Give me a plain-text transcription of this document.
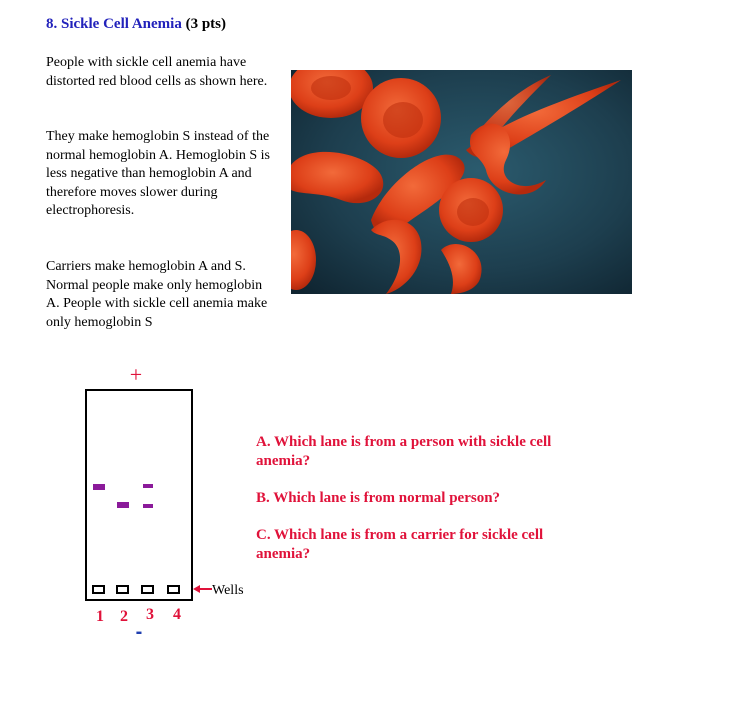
8. Sickle Cell Anemia (3 pts)
People with sickle cell anemia have distorted red blood cells as shown here.
They make hemoglobin S instead of the normal hemoglobin A. Hemoglobin S is less negative than hemoglobin A and therefore moves slower during electrophoresis.
Carriers make hemoglobin A and S. Normal people make only hemoglobin A. People with sickle cell anemia make only hemoglobin S
+
Wells
1 2 3 4
-
A. Which lane is from a person with sickle cell anemia?
B. Which lane is from normal person?
C. Which lane is from a carrier for sickle cell anemia?
